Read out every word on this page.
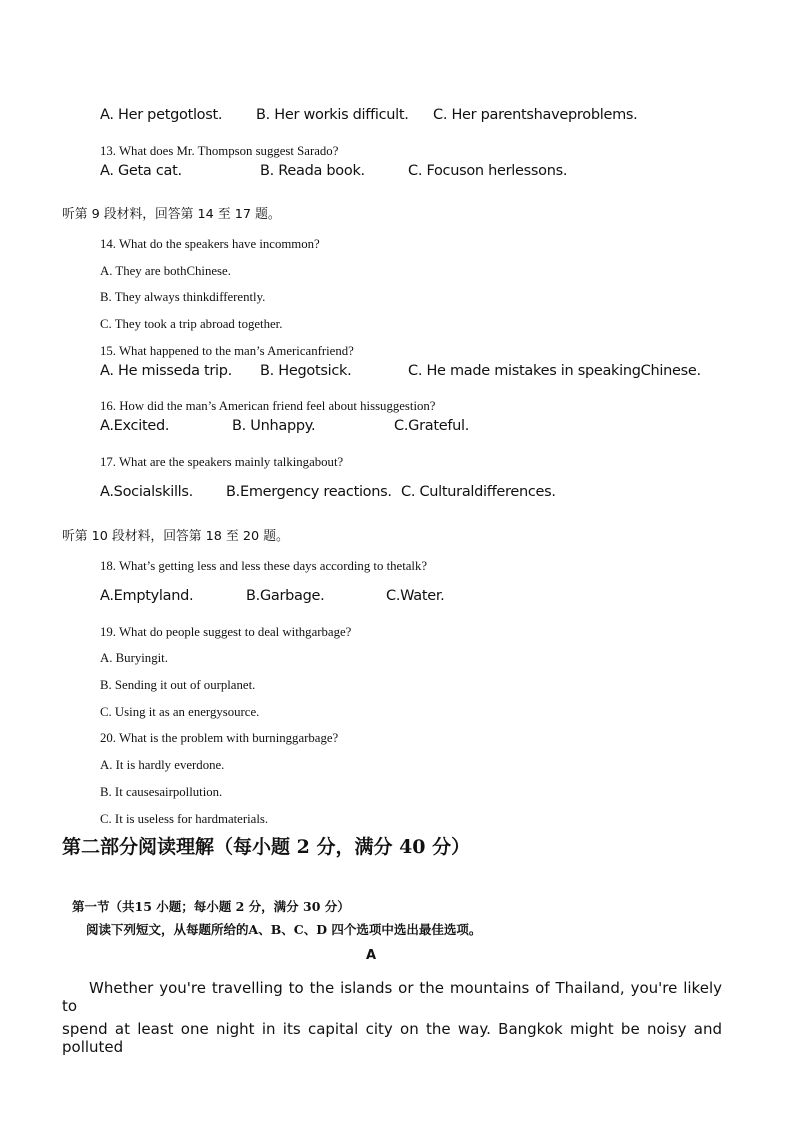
A. Her petgotlost.	B. Her workis difficult.	C. Her parentshaveproblems.

13. What does Mr. Thompson suggest Sarado?

A. Geta cat.	B. Reada book.	C. Focuson herlessons.

听第 9 段材料，回答第 14 至 17 题。

14. What do the speakers have incommon?

A. They are bothChinese.

B. They always thinkdifferently.

C. They took a trip abroad together.

15. What happened to the man’s Americanfriend?

A. He misseda trip.	B. Hegotsick.	C. He made mistakes in speakingChinese.

16. How did the man’s American friend feel about hissuggestion?

A.Excited.	B. Unhappy.	C.Grateful.

17. What are the speakers mainly talkingabout?

A.Socialskills.	B.Emergency reactions. C. Culturaldifferences.

听第 10 段材料，回答第 18 至 20 题。

18. What’s getting less and less these days according to thetalk?

A.Emptyland.	B.Garbage.	C.Water.

19. What do people suggest to deal withgarbage?

A. Buryingit.

B. Sending it out of ourplanet.

C. Using it as an energysource.

20. What is the problem with burninggarbage?

A. It is hardly everdone.

B. It causesairpollution.

C. It is useless for hardmaterials.

第二部分阅读理解（每小题 2 分，满分 40 分）

第一节（共15 小题；每小题 2 分，满分 30 分）

阅读下列短文，从每题所给的A、B、C、D 四个选项中选出最佳选项。

A

Whether you're travelling to the islands or the mountains of Thailand, you're likely to

spend at least one night in its capital city on the way. Bangkok might be noisy and polluted
